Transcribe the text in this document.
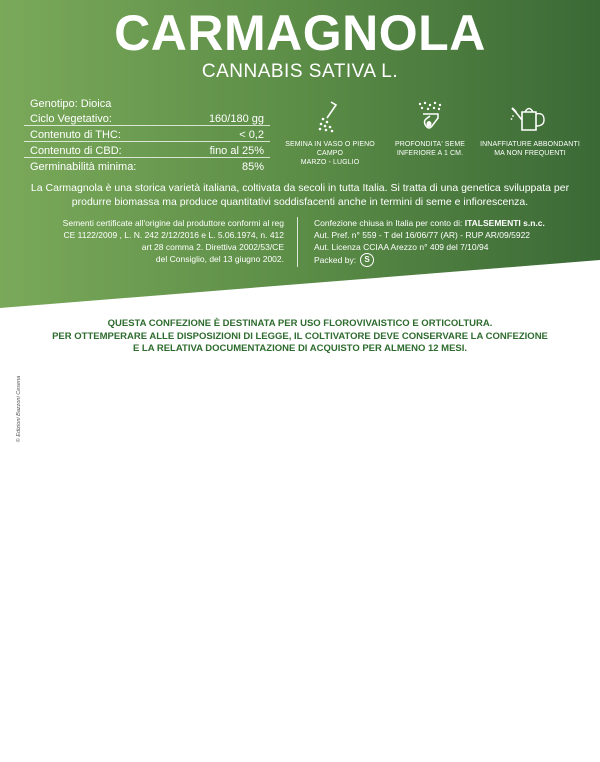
CARMAGNOLA
CANNABIS SATIVA L.
Genotipo: Dioica
Ciclo Vegetativo:	160/180 gg
Contenuto di THC:	< 0,2
Contenuto di CBD:	fino al 25%
Germinabilità minima:	85%
SEMINA IN VASO O PIENO CAMPO
MARZO - LUGLIO
PROFONDITA' SEME
INFERIORE A 1 CM.
INNAFFIATURE ABBONDANTI
MA NON FREQUENTI
La Carmagnola è una storica varietà italiana, coltivata da secoli in tutta Italia. Si tratta di una genetica sviluppata per
produrre biomassa ma produce quantitativi soddisfacenti anche in termini di seme e infiorescenza.
Sementi certificate all'origine dal produttore conformi al reg
CE 1122/2009 , L. N. 242 2/12/2016 e L. 5.06.1974, n. 412
art 28 comma 2. Direttiva 2002/53/CE
del Consiglio, del 13 giugno 2002.
Confezione chiusa in Italia per conto di: ITALSEMENTI s.n.c.
Aut. Pref. n° 559 - T del 16/06/77 (AR) - RUP AR/09/5922
Aut. Licenza CCIAA Arezzo n° 409 del 7/10/94
Packed by:	S
QUESTA CONFEZIONE È DESTINATA PER USO FLOROVIVAISTICO E ORTICOLTURA.
PER OTTEMPERARE ALLE DISPOSIZIONI DI LEGGE, IL COLTIVATORE DEVE CONSERVARE LA CONFEZIONE
E LA RELATIVA DOCUMENTAZIONE DI ACQUISTO PER ALMENO 12 MESI.
© Edizioni Bazzoni Cesena
